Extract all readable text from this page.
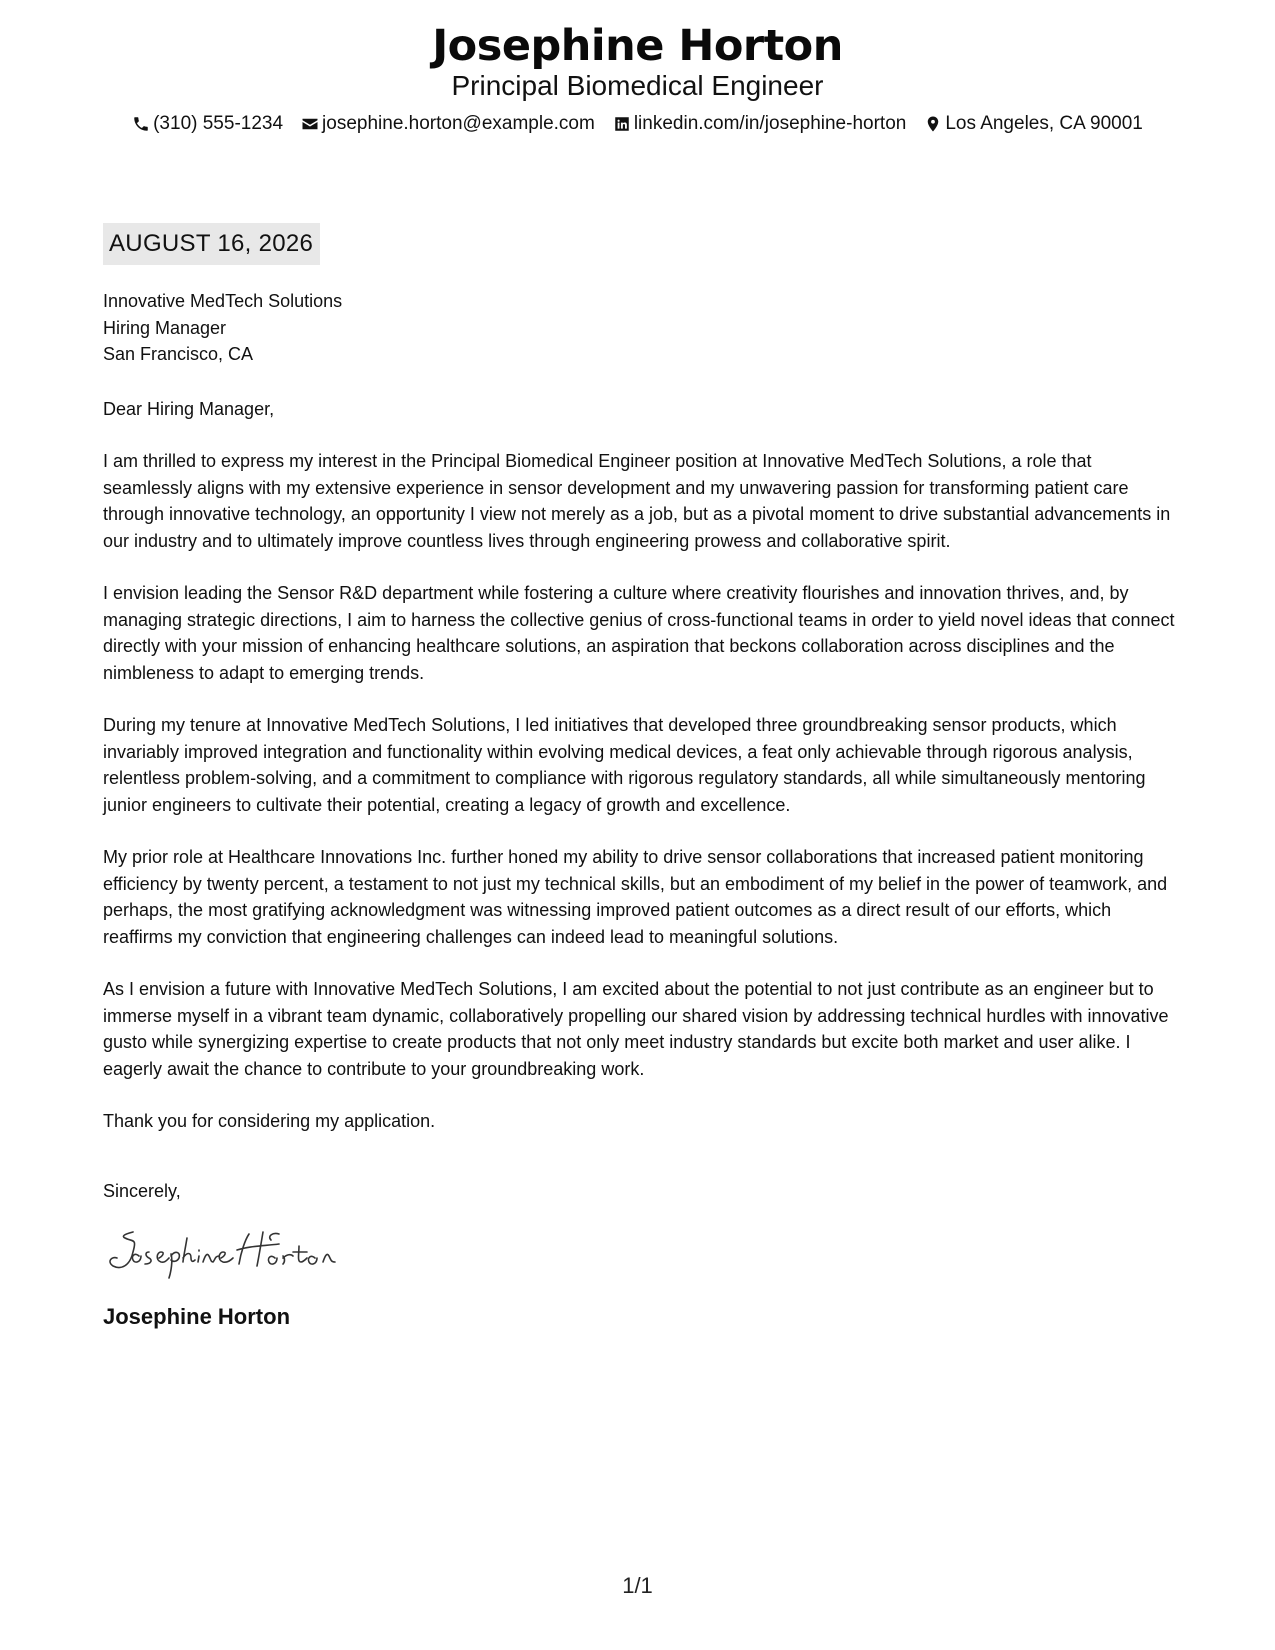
Josephine Horton
Principal Biomedical Engineer
(310) 555-1234 josephine.horton@example.com linkedin.com/in/josephine-horton Los Angeles, CA 90001
AUGUST 16, 2026
Innovative MedTech Solutions
Hiring Manager
San Francisco, CA
Dear Hiring Manager,

I am thrilled to express my interest in the Principal Biomedical Engineer position at Innovative MedTech Solutions, a role that seamlessly aligns with my extensive experience in sensor development and my unwavering passion for transforming patient care through innovative technology, an opportunity I view not merely as a job, but as a pivotal moment to drive substantial advancements in our industry and to ultimately improve countless lives through engineering prowess and collaborative spirit.

I envision leading the Sensor R&D department while fostering a culture where creativity flourishes and innovation thrives, and, by managing strategic directions, I aim to harness the collective genius of cross-functional teams in order to yield novel ideas that connect directly with your mission of enhancing healthcare solutions, an aspiration that beckons collaboration across disciplines and the nimbleness to adapt to emerging trends.

During my tenure at Innovative MedTech Solutions, I led initiatives that developed three groundbreaking sensor products, which invariably improved integration and functionality within evolving medical devices, a feat only achievable through rigorous analysis, relentless problem-solving, and a commitment to compliance with rigorous regulatory standards, all while simultaneously mentoring junior engineers to cultivate their potential, creating a legacy of growth and excellence.

My prior role at Healthcare Innovations Inc. further honed my ability to drive sensor collaborations that increased patient monitoring efficiency by twenty percent, a testament to not just my technical skills, but an embodiment of my belief in the power of teamwork, and perhaps, the most gratifying acknowledgment was witnessing improved patient outcomes as a direct result of our efforts, which reaffirms my conviction that engineering challenges can indeed lead to meaningful solutions.

As I envision a future with Innovative MedTech Solutions, I am excited about the potential to not just contribute as an engineer but to immerse myself in a vibrant team dynamic, collaboratively propelling our shared vision by addressing technical hurdles with innovative gusto while synergizing expertise to create products that not only meet industry standards but excite both market and user alike. I eagerly await the chance to contribute to your groundbreaking work.

Thank you for considering my application.
Sincerely,
Josephine Horton
1/1
